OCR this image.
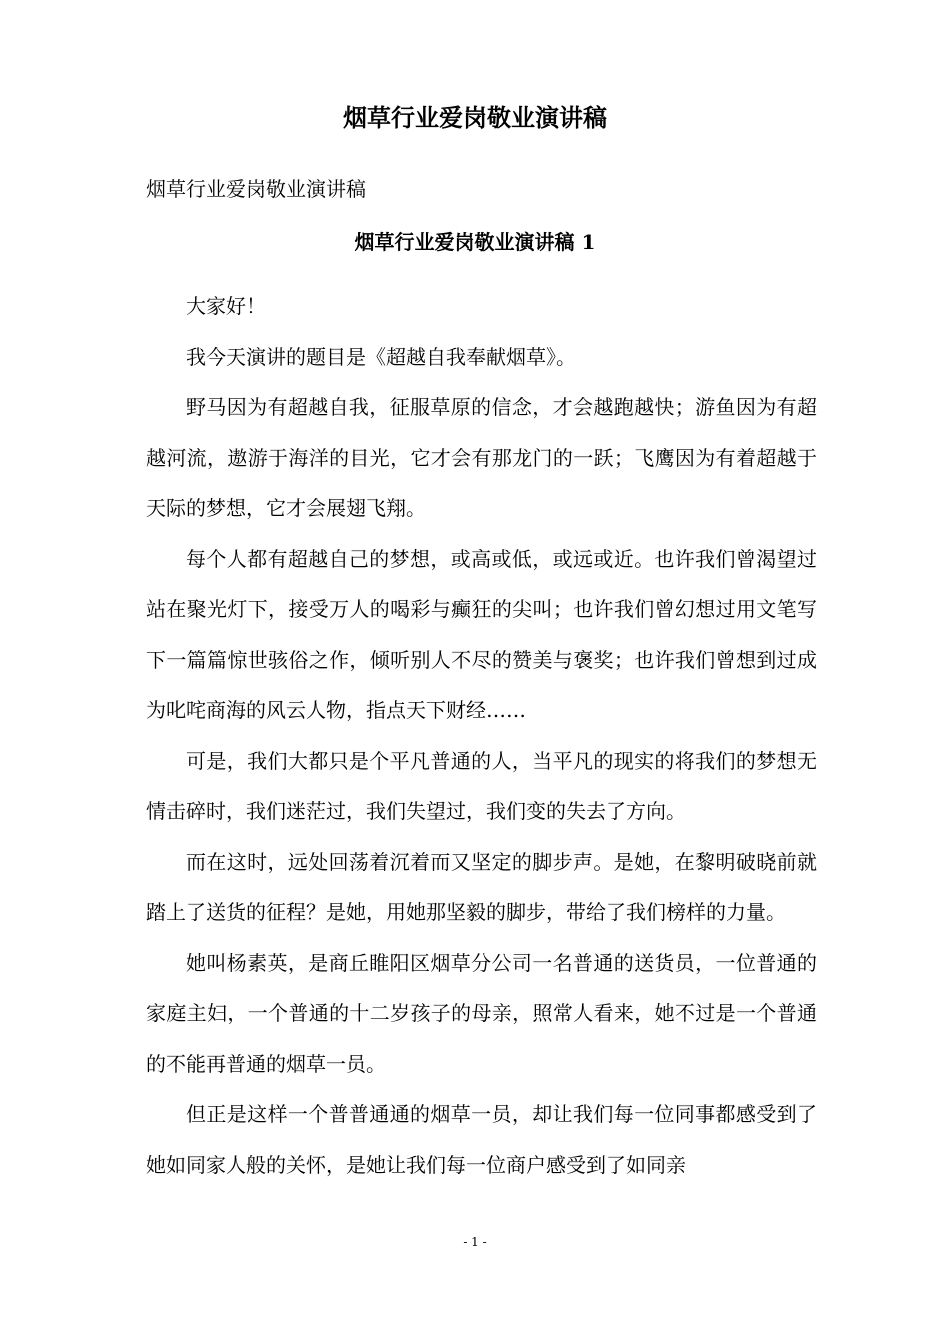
烟草行业爱岗敬业演讲稿

烟草行业爱岗敬业演讲稿

烟草行业爱岗敬业演讲稿 1

大家好！

我今天演讲的题目是《超越自我奉献烟草》。

野马因为有超越自我，征服草原的信念，才会越跑越快；游鱼因为有超越河流，遨游于海洋的目光，它才会有那龙门的一跃；飞鹰因为有着超越于天际的梦想，它才会展翅飞翔。

每个人都有超越自己的梦想，或高或低，或远或近。也许我们曾渴望过站在聚光灯下，接受万人的喝彩与癫狂的尖叫；也许我们曾幻想过用文笔写下一篇篇惊世骇俗之作，倾听别人不尽的赞美与褒奖；也许我们曾想到过成为叱咤商海的风云人物，指点天下财经……

可是，我们大都只是个平凡普通的人，当平凡的现实的将我们的梦想无情击碎时，我们迷茫过，我们失望过，我们变的失去了方向。

而在这时，远处回荡着沉着而又坚定的脚步声。是她，在黎明破晓前就踏上了送货的征程？是她，用她那坚毅的脚步，带给了我们榜样的力量。

她叫杨素英，是商丘睢阳区烟草分公司一名普通的送货员，一位普通的家庭主妇，一个普通的十二岁孩子的母亲，照常人看来，她不过是一个普通的不能再普通的烟草一员。

但正是这样一个普普通通的烟草一员，却让我们每一位同事都感受到了她如同家人般的关怀，是她让我们每一位商户感受到了如同亲

- 1 -
